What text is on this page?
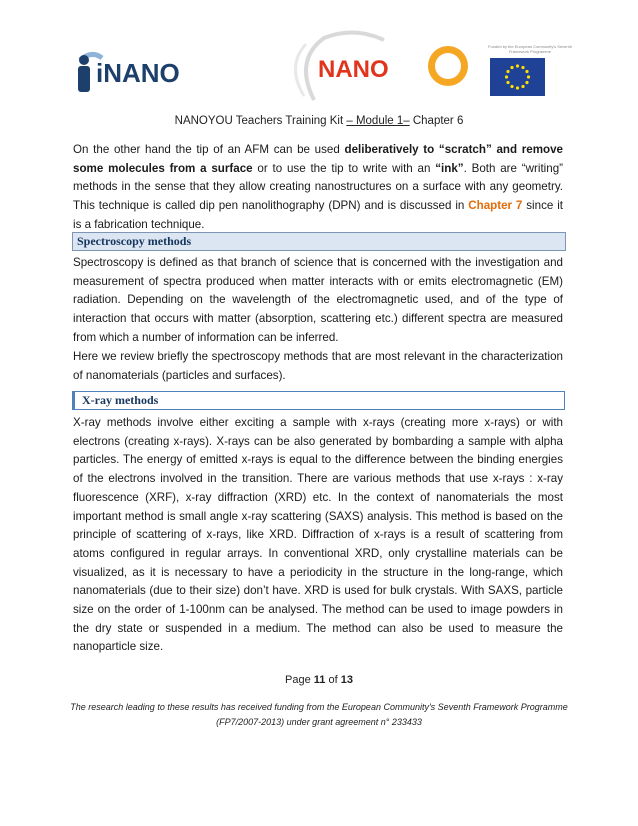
iNANO	NANO
Funded by the European Community's Seventh Framework Programme
NANOYOU Teachers Training Kit – Module 1– Chapter 6
On the other hand the tip of an AFM can be used deliberatively to “scratch” and remove some molecules from a surface or to use the tip to write with an “ink”. Both are “writing” methods in the sense that they allow creating nanostructures on a surface with any geometry. This technique is called dip pen nanolithography (DPN) and is discussed in Chapter 7 since it is a fabrication technique.
Spectroscopy methods
Spectroscopy is defined as that branch of science that is concerned with the investigation and measurement of spectra produced when matter interacts with or emits electromagnetic (EM) radiation. Depending on the wavelength of the electromagnetic used, and of the type of interaction that occurs with matter (absorption, scattering etc.) different spectra are measured from which a number of information can be inferred.
Here we review briefly the spectroscopy methods that are most relevant in the characterization of nanomaterials (particles and surfaces).
X-ray methods
X-ray methods involve either exciting a sample with x-rays (creating more x-rays) or with electrons (creating x-rays). X-rays can be also generated by bombarding a sample with alpha particles. The energy of emitted x-rays is equal to the difference between the binding energies of the electrons involved in the transition. There are various methods that use x-rays : x-ray fluorescence (XRF), x-ray diffraction (XRD) etc. In the context of nanomaterials the most important method is small angle x-ray scattering (SAXS) analysis. This method is based on the principle of scattering of x-rays, like XRD. Diffraction of x-rays is a result of scattering from atoms configured in regular arrays. In conventional XRD, only crystalline materials can be visualized, as it is necessary to have a periodicity in the structure in the long-range, which nanomaterials (due to their size) don’t have. XRD is used for bulk crystals. With SAXS, particle size on the order of 1-100nm can be analysed. The method can be used to image powders in the dry state or suspended in a medium. The method can also be used to measure the nanoparticle size.
Page 11 of 13
The research leading to these results has received funding from the European Community's Seventh Framework Programme
(FP7/2007-2013) under grant agreement n° 233433
